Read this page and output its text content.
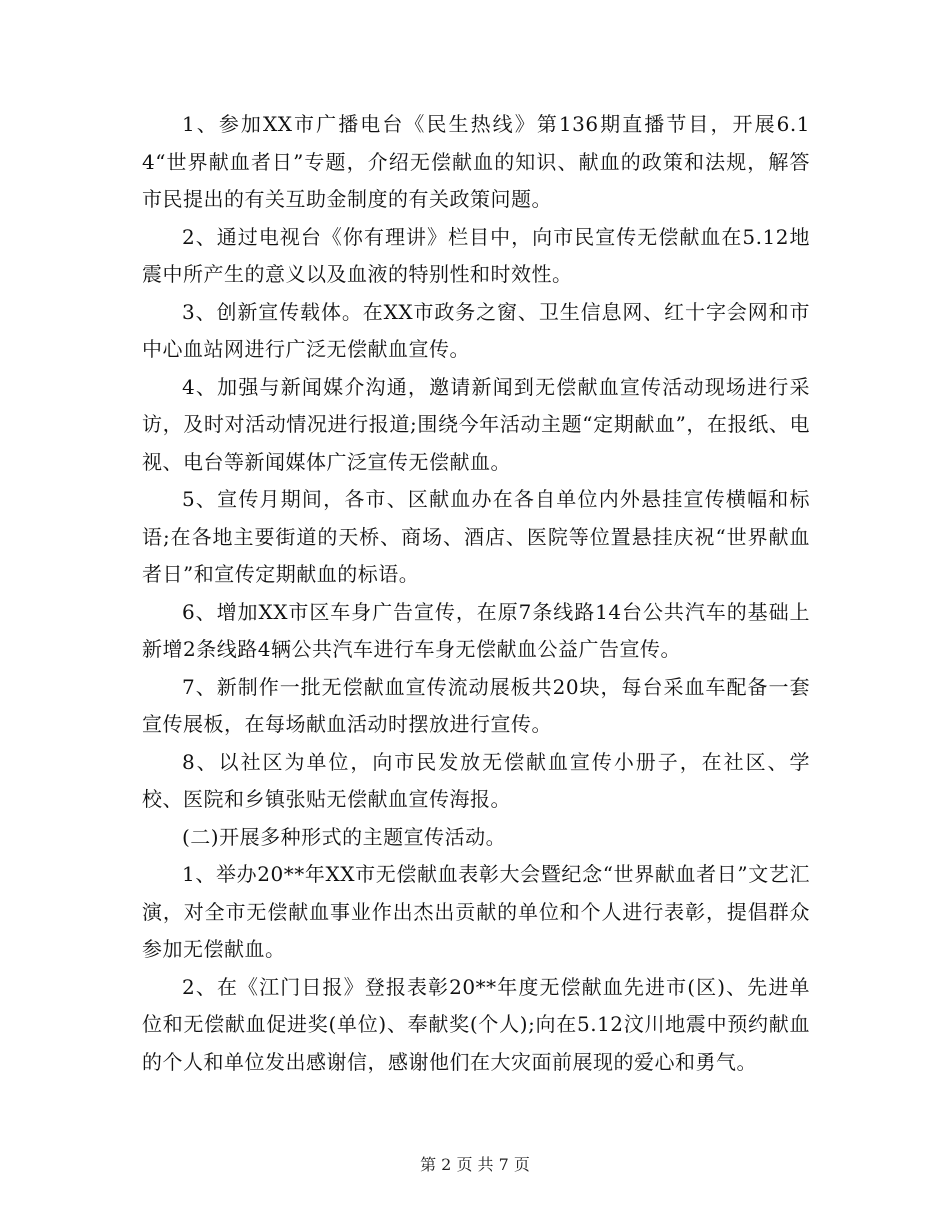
1、参加XX市广播电台《民生热线》第136期直播节目，开展6.14“世界献血者日”专题，介绍无偿献血的知识、献血的政策和法规，解答市民提出的有关互助金制度的有关政策问题。

2、通过电视台《你有理讲》栏目中，向市民宣传无偿献血在5.12地震中所产生的意义以及血液的特别性和时效性。

3、创新宣传载体。在XX市政务之窗、卫生信息网、红十字会网和市中心血站网进行广泛无偿献血宣传。

4、加强与新闻媒介沟通，邀请新闻到无偿献血宣传活动现场进行采访，及时对活动情况进行报道;围绕今年活动主题“定期献血”，在报纸、电视、电台等新闻媒体广泛宣传无偿献血。

5、宣传月期间，各市、区献血办在各自单位内外悬挂宣传横幅和标语;在各地主要街道的天桥、商场、酒店、医院等位置悬挂庆祝“世界献血者日”和宣传定期献血的标语。

6、增加XX市区车身广告宣传，在原7条线路14台公共汽车的基础上新增2条线路4辆公共汽车进行车身无偿献血公益广告宣传。

7、新制作一批无偿献血宣传流动展板共20块，每台采血车配备一套宣传展板，在每场献血活动时摆放进行宣传。

8、以社区为单位，向市民发放无偿献血宣传小册子，在社区、学校、医院和乡镇张贴无偿献血宣传海报。

(二)开展多种形式的主题宣传活动。

1、举办20**年XX市无偿献血表彰大会暨纪念“世界献血者日”文艺汇演，对全市无偿献血事业作出杰出贡献的单位和个人进行表彰，提倡群众参加无偿献血。

2、在《江门日报》登报表彰20**年度无偿献血先进市(区)、先进单位和无偿献血促进奖(单位)、奉献奖(个人);向在5.12汶川地震中预约献血的个人和单位发出感谢信，感谢他们在大灾面前展现的爱心和勇气。

第 2 页 共 7 页
